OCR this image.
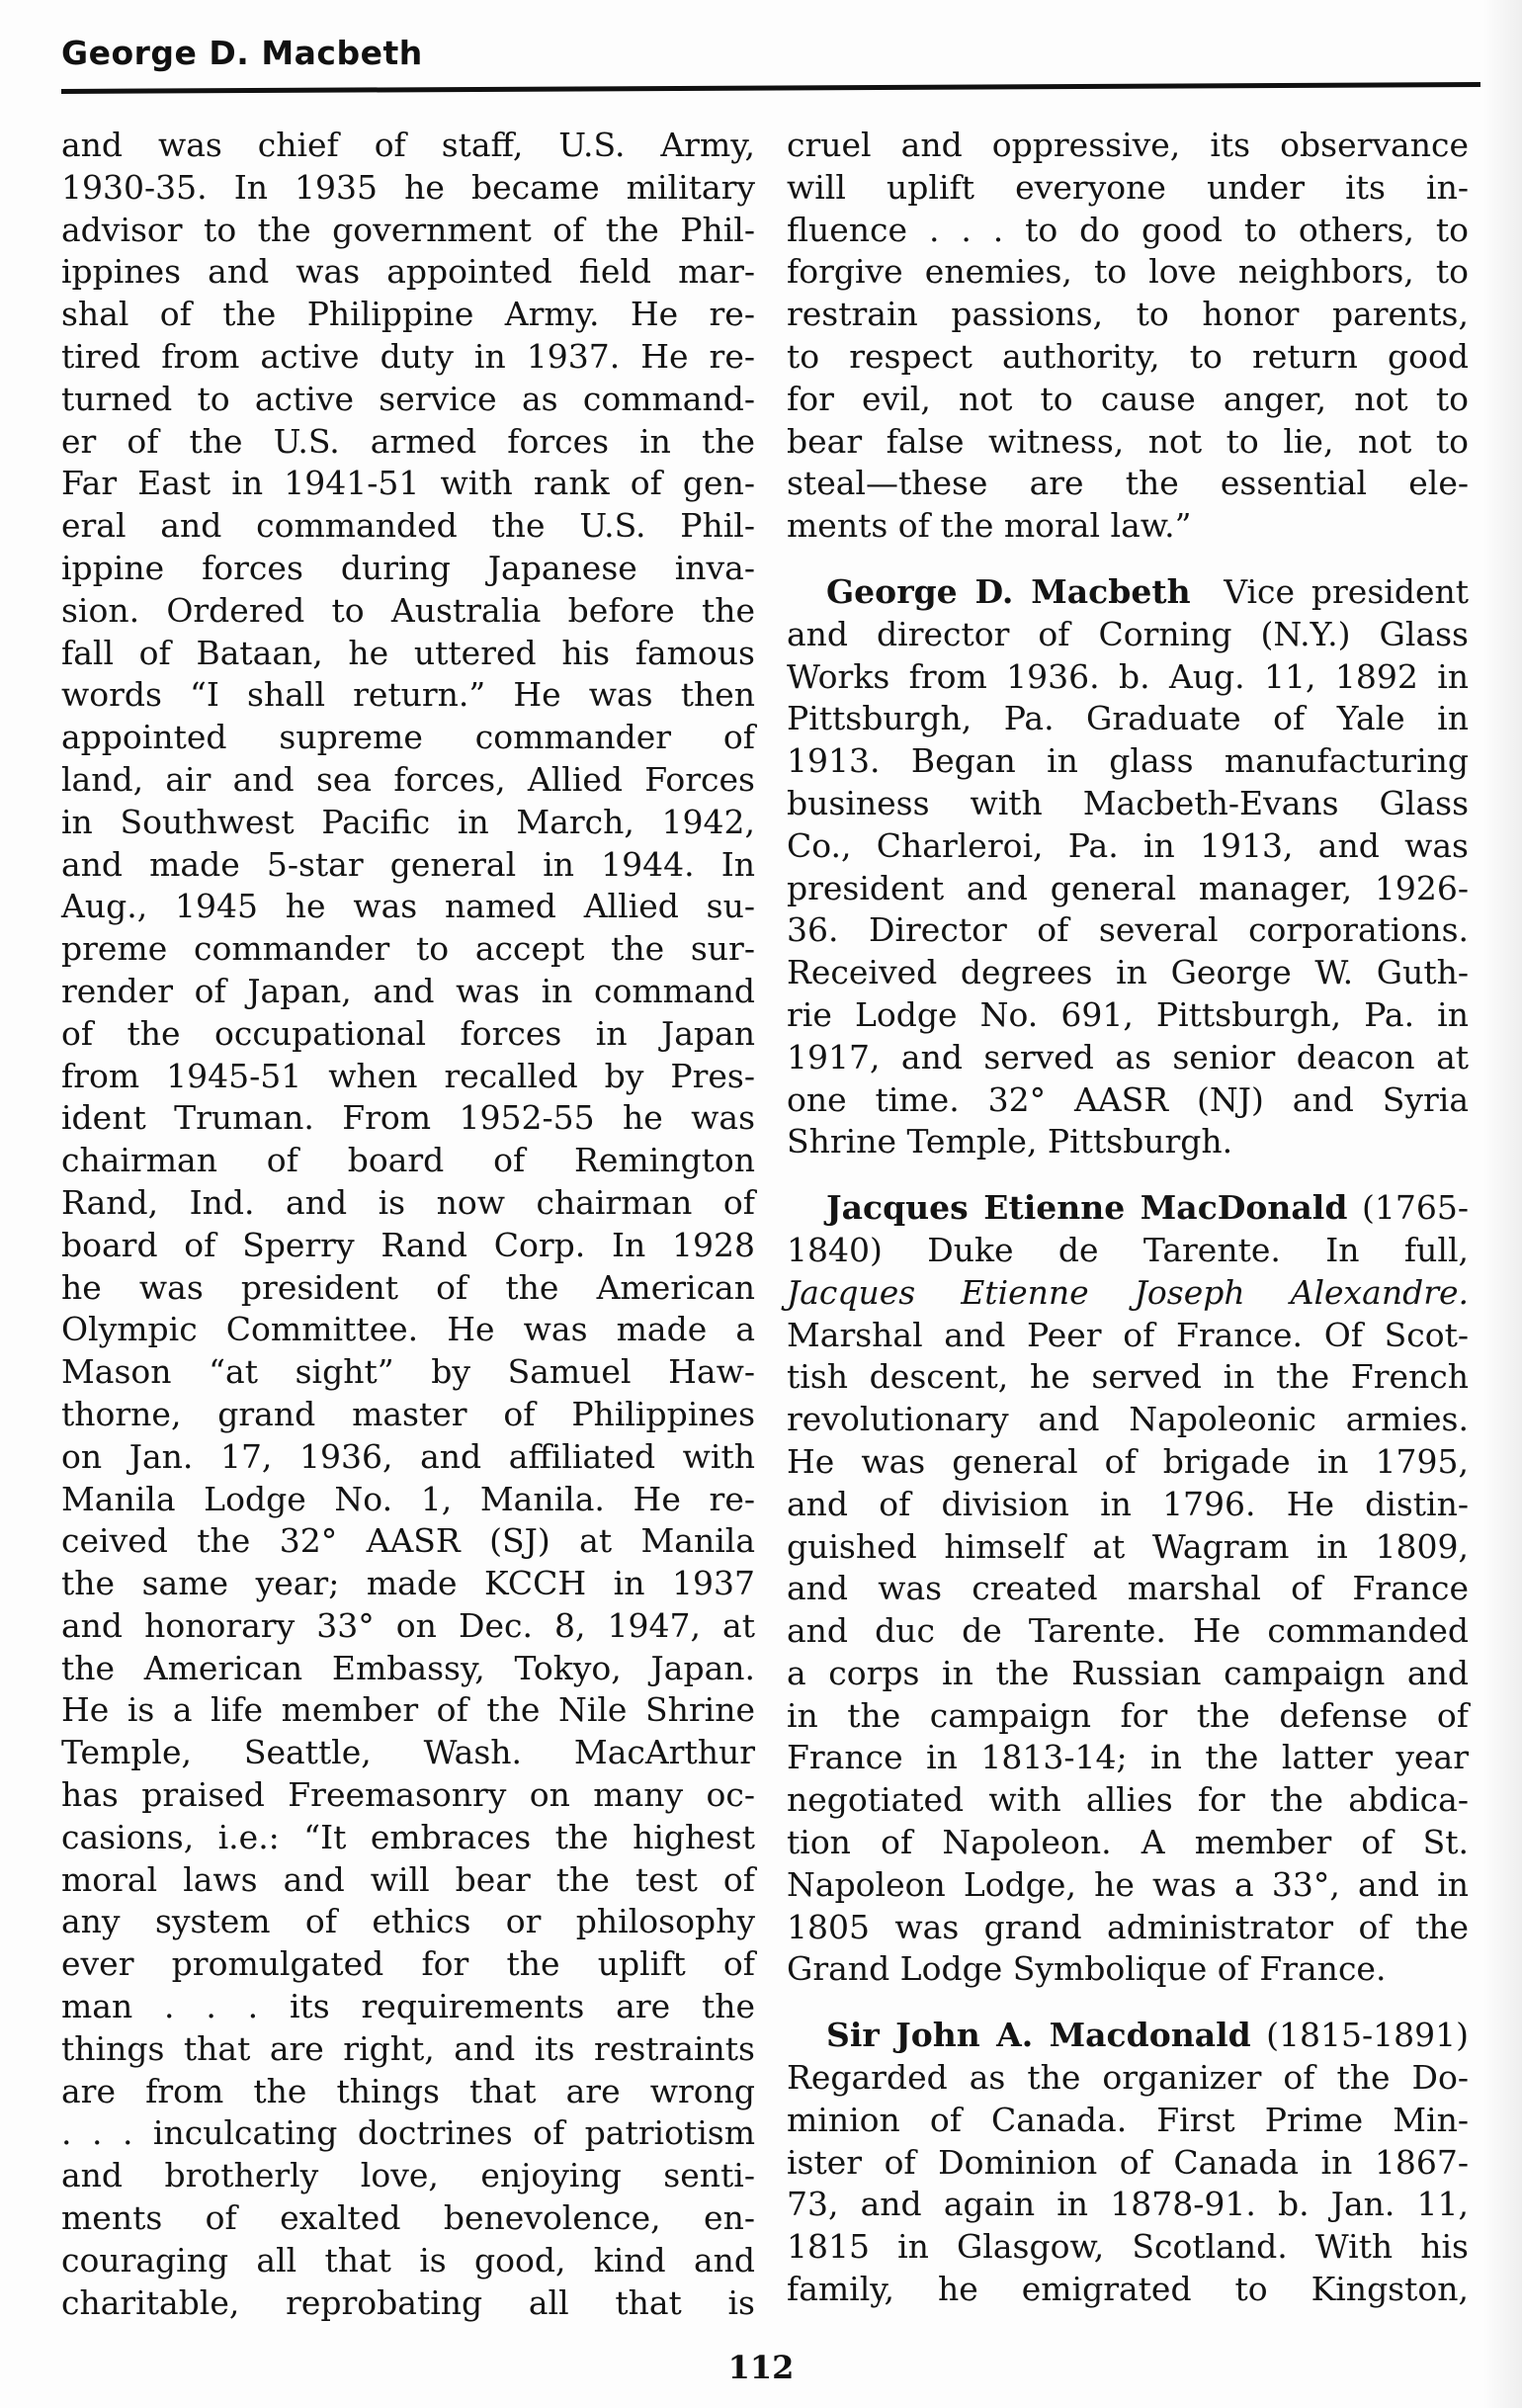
George D. Macbeth
and was chief of staff, U.S. Army,
1930-35. In 1935 he became military
advisor to the government of the Phil-
ippines and was appointed field mar-
shal of the Philippine Army. He re-
tired from active duty in 1937. He re-
turned to active service as command-
er of the U.S. armed forces in the
Far East in 1941-51 with rank of gen-
eral and commanded the U.S. Phil-
ippine forces during Japanese inva-
sion. Ordered to Australia before the
fall of Bataan, he uttered his famous
words “I shall return.” He was then
appointed supreme commander of
land, air and sea forces, Allied Forces
in Southwest Pacific in March, 1942,
and made 5-star general in 1944. In
Aug., 1945 he was named Allied su-
preme commander to accept the sur-
render of Japan, and was in command
of the occupational forces in Japan
from 1945-51 when recalled by Pres-
ident Truman. From 1952-55 he was
chairman of board of Remington
Rand, Ind. and is now chairman of
board of Sperry Rand Corp. In 1928
he was president of the American
Olympic Committee. He was made a
Mason “at sight” by Samuel Haw-
thorne, grand master of Philippines
on Jan. 17, 1936, and affiliated with
Manila Lodge No. 1, Manila. He re-
ceived the 32° AASR (SJ) at Manila
the same year; made KCCH in 1937
and honorary 33° on Dec. 8, 1947, at
the American Embassy, Tokyo, Japan.
He is a life member of the Nile Shrine
Temple, Seattle, Wash. MacArthur
has praised Freemasonry on many oc-
casions, i.e.: “It embraces the highest
moral laws and will bear the test of
any system of ethics or philosophy
ever promulgated for the uplift of
man . . . its requirements are the
things that are right, and its restraints
are from the things that are wrong
. . . inculcating doctrines of patriotism
and brotherly love, enjoying senti-
ments of exalted benevolence, en-
couraging all that is good, kind and
charitable, reprobating all that is
cruel and oppressive, its observance
will uplift everyone under its in-
fluence . . . to do good to others, to
forgive enemies, to love neighbors, to
restrain passions, to honor parents,
to respect authority, to return good
for evil, not to cause anger, not to
bear false witness, not to lie, not to
steal—these are the essential ele-
ments of the moral law.”
George D. Macbeth Vice president
and director of Corning (N.Y.) Glass
Works from 1936. b. Aug. 11, 1892 in
Pittsburgh, Pa. Graduate of Yale in
1913. Began in glass manufacturing
business with Macbeth-Evans Glass
Co., Charleroi, Pa. in 1913, and was
president and general manager, 1926-
36. Director of several corporations.
Received degrees in George W. Guth-
rie Lodge No. 691, Pittsburgh, Pa. in
1917, and served as senior deacon at
one time. 32° AASR (NJ) and Syria
Shrine Temple, Pittsburgh.
Jacques Etienne MacDonald (1765-
1840) Duke de Tarente. In full,
Jacques Etienne Joseph Alexandre.
Marshal and Peer of France. Of Scot-
tish descent, he served in the French
revolutionary and Napoleonic armies.
He was general of brigade in 1795,
and of division in 1796. He distin-
guished himself at Wagram in 1809,
and was created marshal of France
and duc de Tarente. He commanded
a corps in the Russian campaign and
in the campaign for the defense of
France in 1813-14; in the latter year
negotiated with allies for the abdica-
tion of Napoleon. A member of St.
Napoleon Lodge, he was a 33°, and in
1805 was grand administrator of the
Grand Lodge Symbolique of France.
Sir John A. Macdonald (1815-1891)
Regarded as the organizer of the Do-
minion of Canada. First Prime Min-
ister of Dominion of Canada in 1867-
73, and again in 1878-91. b. Jan. 11,
1815 in Glasgow, Scotland. With his
family, he emigrated to Kingston,
112
